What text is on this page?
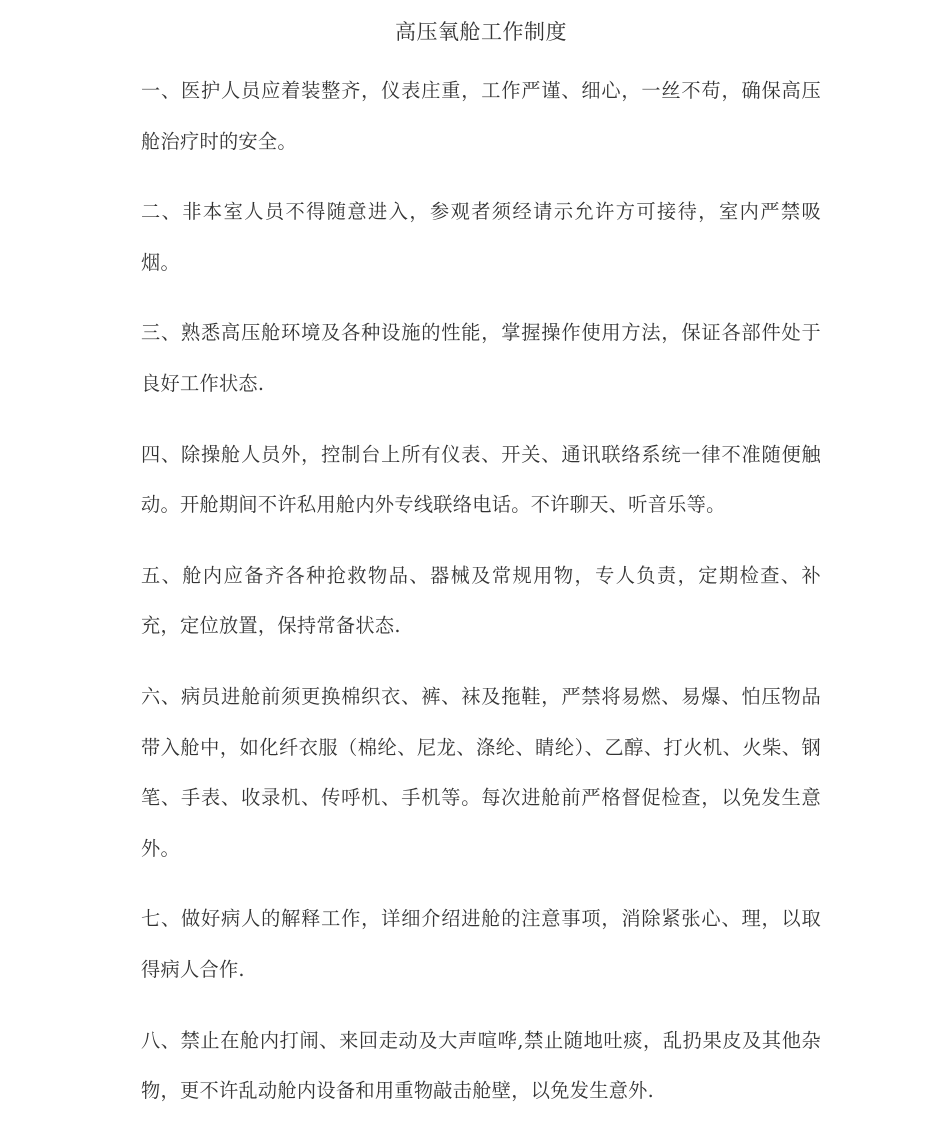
高压氧舱工作制度
一、医护人员应着装整齐，仪表庄重，工作严谨、细心，一丝不苟，确保高压舱治疗时的安全。
二、非本室人员不得随意进入，参观者须经请示允许方可接待，室内严禁吸烟。
三、熟悉高压舱环境及各种设施的性能，掌握操作使用方法，保证各部件处于良好工作状态.
四、除操舱人员外，控制台上所有仪表、开关、通讯联络系统一律不准随便触动。开舱期间不许私用舱内外专线联络电话。不许聊天、听音乐等。
五、舱内应备齐各种抢救物品、器械及常规用物，专人负责，定期检查、补充，定位放置，保持常备状态.
六、病员进舱前须更换棉织衣、裤、袜及拖鞋，严禁将易燃、易爆、怕压物品带入舱中，如化纤衣服（棉纶、尼龙、涤纶、睛纶）、乙醇、打火机、火柴、钢笔、手表、收录机、传呼机、手机等。每次进舱前严格督促检查，以免发生意外。
七、做好病人的解释工作，详细介绍进舱的注意事项，消除紧张心、理，以取得病人合作.
八、禁止在舱内打闹、来回走动及大声喧哗,禁止随地吐痰，乱扔果皮及其他杂物，更不许乱动舱内设备和用重物敲击舱壁，以免发生意外.
